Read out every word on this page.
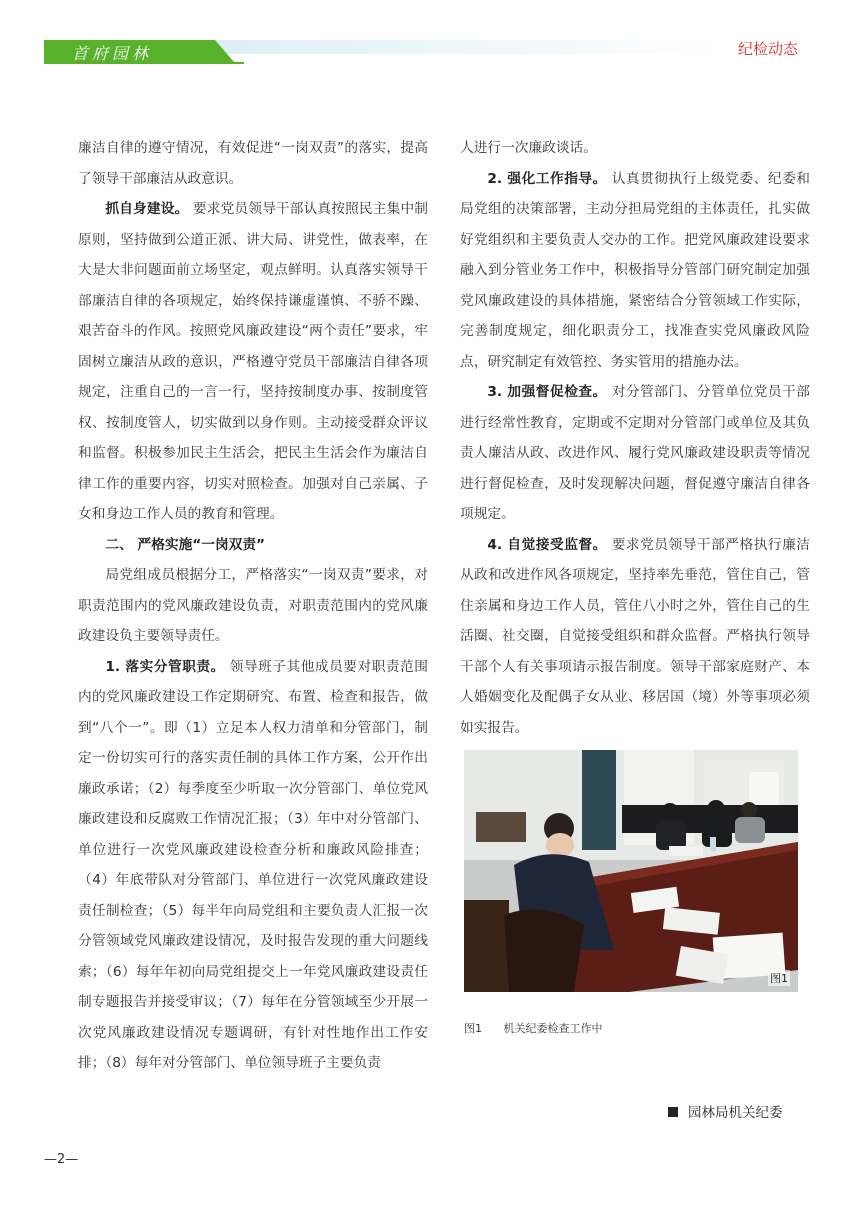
首府园林	纪检动态

廉洁自律的遵守情况，有效促进“一岗双责”的落实，提高了领导干部廉洁从政意识。

抓自身建设。 要求党员领导干部认真按照民主集中制原则，坚持做到公道正派、讲大局、讲党性，做表率，在大是大非问题面前立场坚定，观点鲜明。认真落实领导干部廉洁自律的各项规定，始终保持谦虚谨慎、不骄不躁、艰苦奋斗的作风。按照党风廉政建设“两个责任”要求，牢固树立廉洁从政的意识，严格遵守党员干部廉洁自律各项规定，注重自己的一言一行，坚持按制度办事、按制度管权、按制度管人，切实做到以身作则。主动接受群众评议和监督。积极参加民主生活会，把民主生活会作为廉洁自律工作的重要内容，切实对照检查。加强对自己亲属、子女和身边工作人员的教育和管理。

二、 严格实施“一岗双责”

局党组成员根据分工，严格落实“一岗双责”要求，对职责范围内的党风廉政建设负责，对职责范围内的党风廉政建设负主要领导责任。

1. 落实分管职责。 领导班子其他成员要对职责范围内的党风廉政建设工作定期研究、布置、检查和报告，做到“八个一”。即（1）立足本人权力清单和分管部门，制定一份切实可行的落实责任制的具体工作方案，公开作出廉政承诺；（2）每季度至少听取一次分管部门、单位党风廉政建设和反腐败工作情况汇报；（3）年中对分管部门、单位进行一次党风廉政建设检查分析和廉政风险排查；（4）年底带队对分管部门、单位进行一次党风廉政建设责任制检查；（5）每半年向局党组和主要负责人汇报一次分管领域党风廉政建设情况，及时报告发现的重大问题线索；（6）每年年初向局党组提交上一年党风廉政建设责任制专题报告并接受审议；（7）每年在分管领域至少开展一次党风廉政建设情况专题调研，有针对性地作出工作安排；（8）每年对分管部门、单位领导班子主要负责

人进行一次廉政谈话。

2. 强化工作指导。 认真贯彻执行上级党委、纪委和局党组的决策部署，主动分担局党组的主体责任，扎实做好党组织和主要负责人交办的工作。把党风廉政建设要求融入到分管业务工作中，积极指导分管部门研究制定加强党风廉政建设的具体措施，紧密结合分管领域工作实际，完善制度规定，细化职责分工，找准查实党风廉政风险点，研究制定有效管控、务实管用的措施办法。

3. 加强督促检查。 对分管部门、分管单位党员干部进行经常性教育，定期或不定期对分管部门或单位及其负责人廉洁从政、改进作风、履行党风廉政建设职责等情况进行督促检查，及时发现解决问题，督促遵守廉洁自律各项规定。

4. 自觉接受监督。 要求党员领导干部严格执行廉洁从政和改进作风各项规定，坚持率先垂范，管住自己，管住亲属和身边工作人员，管住八小时之外，管住自己的生活圈、社交圈，自觉接受组织和群众监督。严格执行领导干部个人有关事项请示报告制度。领导干部家庭财产、本人婚姻变化及配偶子女从业、移居国（境）外等事项必须如实报告。

图1
图1 机关纪委检查工作中
园林局机关纪委
—2—
